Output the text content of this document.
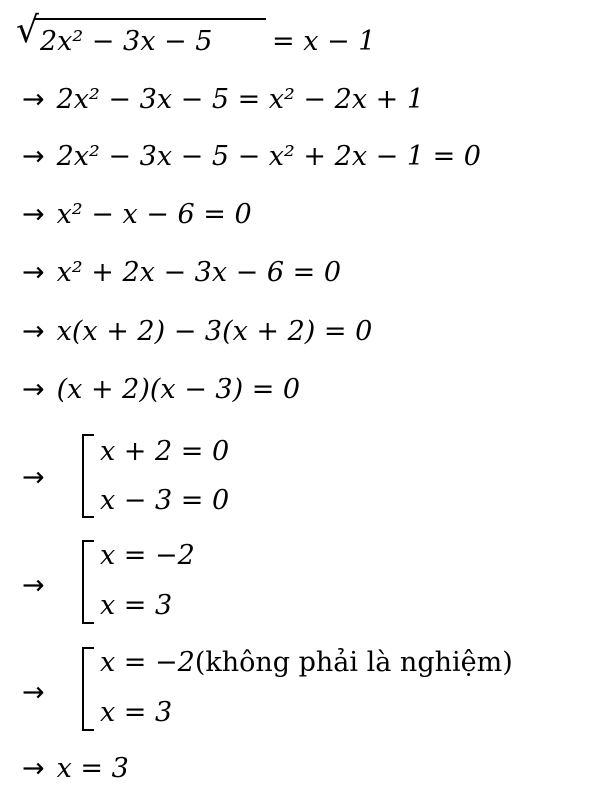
√ 2x² − 3x − 5 = x − 1
→ 2x² − 3x − 5 = x² − 2x + 1
→ 2x² − 3x − 5 − x² + 2x − 1 = 0
→ x² − x − 6 = 0
→ x² + 2x − 3x − 6 = 0
→ x(x + 2) − 3(x + 2) = 0
→ (x + 2)(x − 3) = 0
→
x + 2 = 0
x − 3 = 0
→
x = −2
x = 3
→
x = −2(không phải là nghiệm)
x = 3
→ x = 3
